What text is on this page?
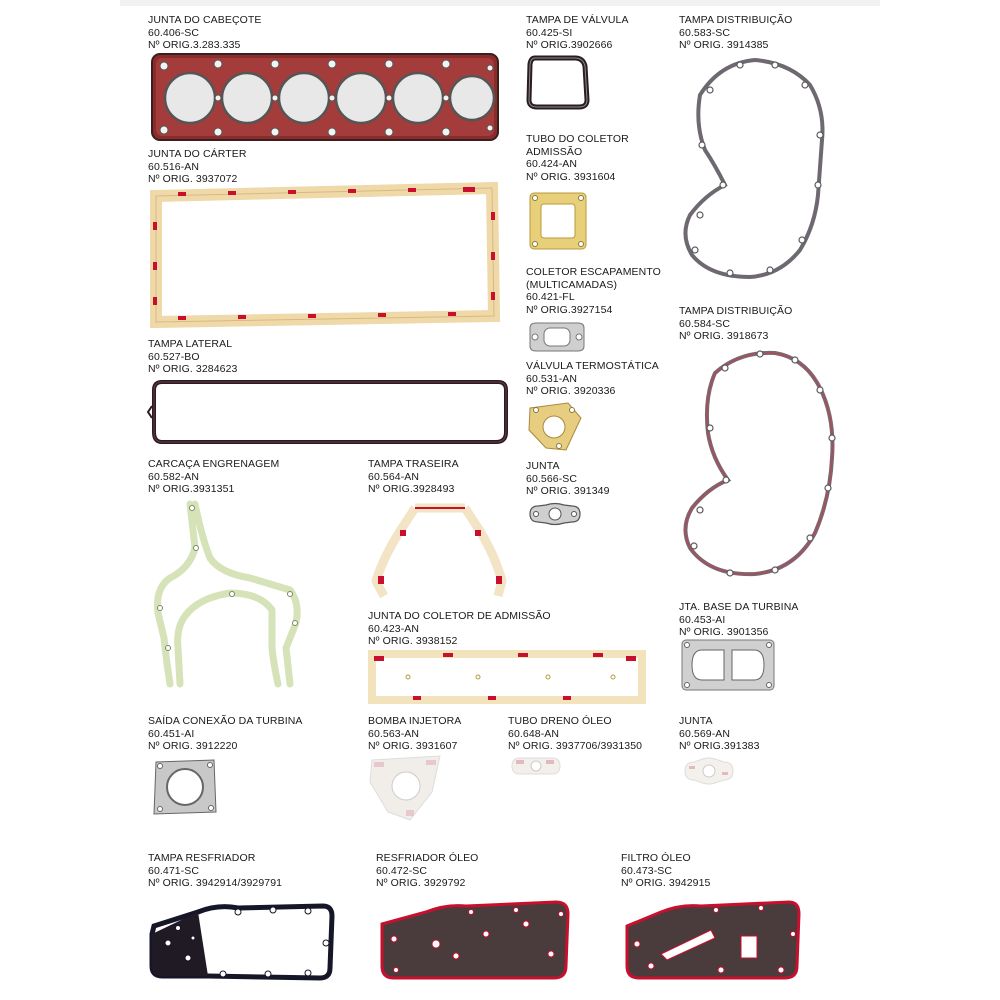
JUNTA DO CABEÇOTE
60.406-SC
Nº ORIG.3.283.335
TAMPA DE VÁLVULA
60.425-SI
Nº ORIG.3902666
TAMPA DISTRIBUIÇÃO
60.583-SC
Nº ORIG. 3914385
JUNTA DO CÁRTER
60.516-AN
Nº ORIG. 3937072
TUBO DO COLETOR
ADMISSÃO
60.424-AN
Nº ORIG. 3931604
COLETOR ESCAPAMENTO
(MULTICAMADAS)
60.421-FL
Nº ORIG.3927154	TAMPA DISTRIBUIÇÃO
60.584-SC
Nº ORIG. 3918673
TAMPA LATERAL
60.527-BO
Nº ORIG. 3284623	VÁLVULA TERMOSTÁTICA
60.531-AN
Nº ORIG. 3920336
CARCAÇA ENGRENAGEM
60.582-AN
Nº ORIG.3931351
TAMPA TRASEIRA
60.564-AN
Nº ORIG.3928493
JUNTA
60.566-SC
Nº ORIG. 391349
JUNTA DO COLETOR DE ADMISSÃO
60.423-AN
Nº ORIG. 3938152
JTA. BASE DA TURBINA
60.453-AI
Nº ORIG. 3901356
SAÍDA CONEXÃO DA TURBINA
60.451-AI
Nº ORIG. 3912220
BOMBA INJETORA
60.563-AN
Nº ORIG. 3931607
TUBO DRENO ÓLEO
60.648-AN
Nº ORIG. 3937706/3931350
JUNTA
60.569-AN
Nº ORIG.391383
TAMPA RESFRIADOR
60.471-SC
Nº ORIG. 3942914/3929791
RESFRIADOR ÓLEO
60.472-SC
Nº ORIG. 3929792
FILTRO ÓLEO
60.473-SC
Nº ORIG. 3942915
